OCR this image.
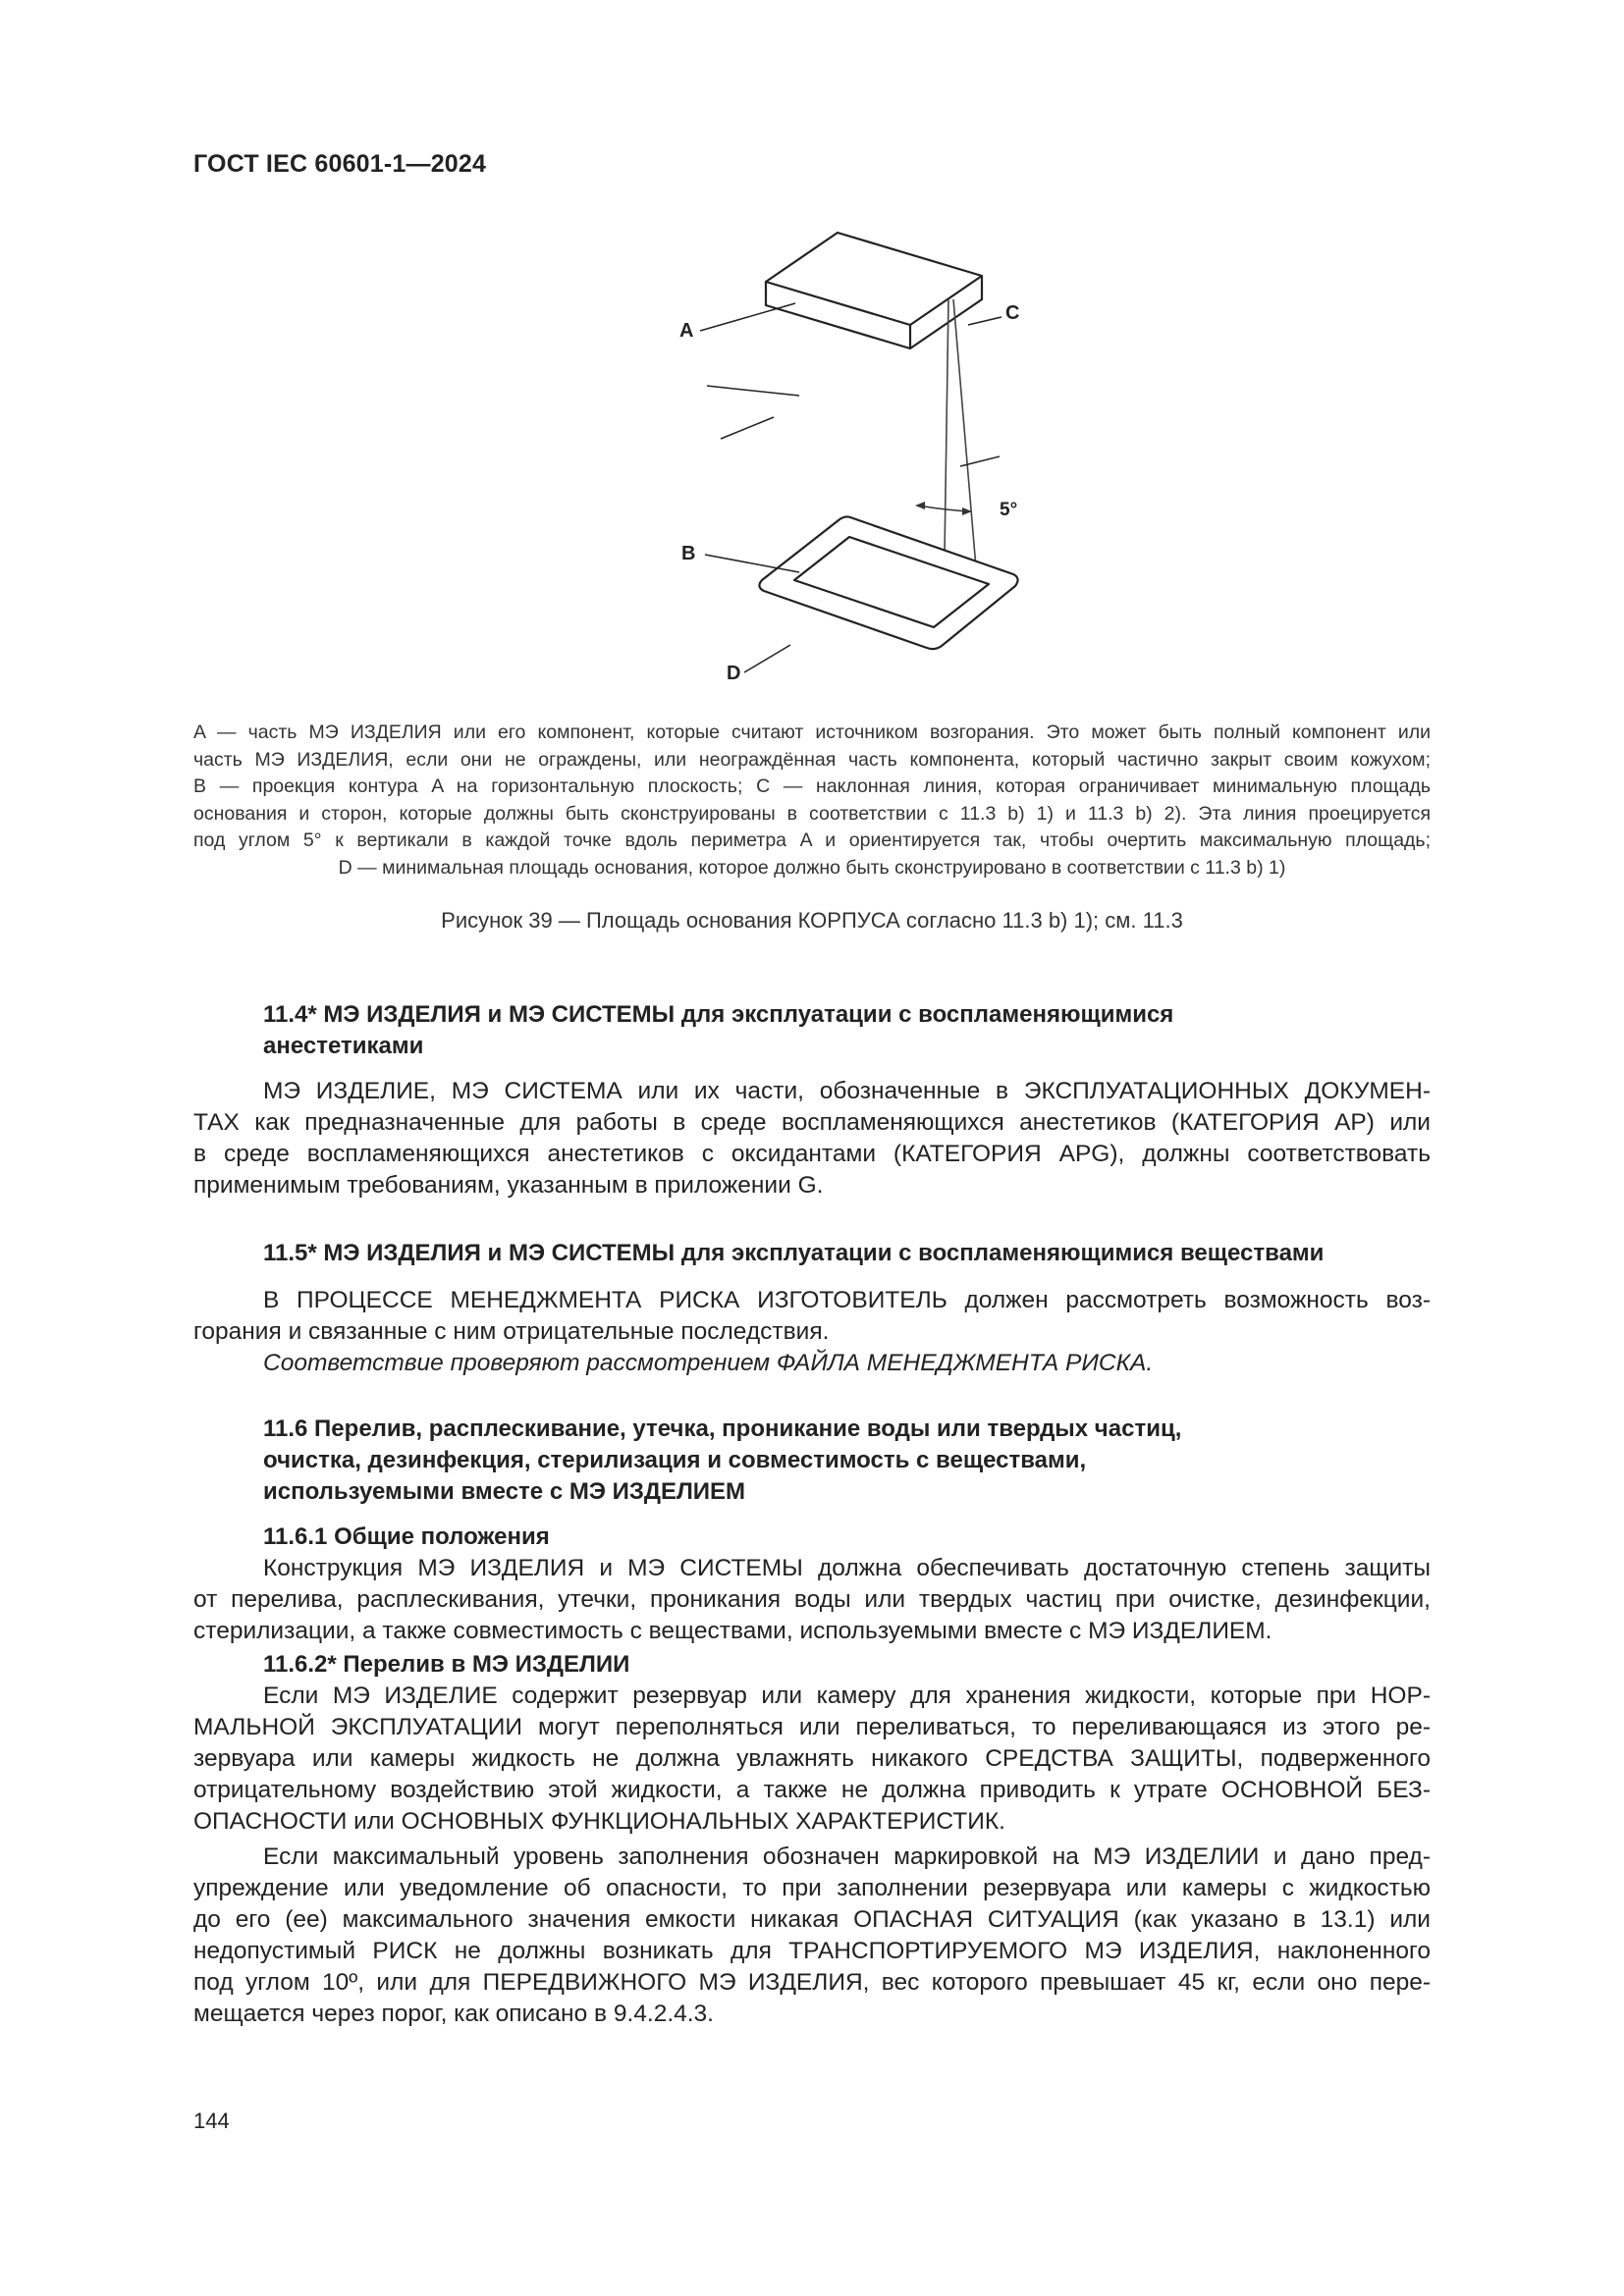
ГОСТ IEC 60601-1—2024
A
C
5°
B
D
A — часть МЭ ИЗДЕЛИЯ или его компонент, которые считают источником возгорания. Это может быть полный компонент или
часть МЭ ИЗДЕЛИЯ, если они не ограждены, или неограждённая часть компонента, который частично закрыт своим кожухом;
B — проекция контура A на горизонтальную плоскость; C — наклонная линия, которая ограничивает минимальную площадь
основания и сторон, которые должны быть сконструированы в соответствии с 11.3 b) 1) и 11.3 b) 2). Эта линия проецируется
под углом 5° к вертикали в каждой точке вдоль периметра A и ориентируется так, чтобы очертить максимальную площадь;
D — минимальная площадь основания, которое должно быть сконструировано в соответствии с 11.3 b) 1)
Рисунок 39 — Площадь основания КОРПУСА согласно 11.3 b) 1); см. 11.3
11.4* МЭ ИЗДЕЛИЯ и МЭ СИСТЕМЫ для эксплуатации с воспламеняющимися
анестетиками
МЭ ИЗДЕЛИЕ, МЭ СИСТЕМА или их части, обозначенные в ЭКСПЛУАТАЦИОННЫХ ДОКУМЕН-
ТАХ как предназначенные для работы в среде воспламеняющихся анестетиков (КАТЕГОРИЯ AP) или
в среде воспламеняющихся анестетиков с оксидантами (КАТЕГОРИЯ APG), должны соответствовать
применимым требованиям, указанным в приложении G.
11.5* МЭ ИЗДЕЛИЯ и МЭ СИСТЕМЫ для эксплуатации с воспламеняющимися веществами
В ПРОЦЕССЕ МЕНЕДЖМЕНТА РИСКА ИЗГОТОВИТЕЛЬ должен рассмотреть возможность воз-
горания и связанные с ним отрицательные последствия.
Соответствие проверяют рассмотрением ФАЙЛА МЕНЕДЖМЕНТА РИСКА.
11.6 Перелив, расплескивание, утечка, проникание воды или твердых частиц,
очистка, дезинфекция, стерилизация и совместимость с веществами,
используемыми вместе с МЭ ИЗДЕЛИЕМ
11.6.1 Общие положения
Конструкция МЭ ИЗДЕЛИЯ и МЭ СИСТЕМЫ должна обеспечивать достаточную степень защиты
от перелива, расплескивания, утечки, проникания воды или твердых частиц при очистке, дезинфекции,
стерилизации, а также совместимость с веществами, используемыми вместе с МЭ ИЗДЕЛИЕМ.
11.6.2* Перелив в МЭ ИЗДЕЛИИ
Если МЭ ИЗДЕЛИЕ содержит резервуар или камеру для хранения жидкости, которые при НОР-
МАЛЬНОЙ ЭКСПЛУАТАЦИИ могут переполняться или переливаться, то переливающаяся из этого ре-
зервуара или камеры жидкость не должна увлажнять никакого СРЕДСТВА ЗАЩИТЫ, подверженного
отрицательному воздействию этой жидкости, а также не должна приводить к утрате ОСНОВНОЙ БЕЗ-
ОПАСНОСТИ или ОСНОВНЫХ ФУНКЦИОНАЛЬНЫХ ХАРАКТЕРИСТИК.
Если максимальный уровень заполнения обозначен маркировкой на МЭ ИЗДЕЛИИ и дано пред-
упреждение или уведомление об опасности, то при заполнении резервуара или камеры с жидкостью
до его (ее) максимального значения емкости никакая ОПАСНАЯ СИТУАЦИЯ (как указано в 13.1) или
недопустимый РИСК не должны возникать для ТРАНСПОРТИРУЕМОГО МЭ ИЗДЕЛИЯ, наклоненного
под углом 10º, или для ПЕРЕДВИЖНОГО МЭ ИЗДЕЛИЯ, вес которого превышает 45 кг, если оно пере-
мещается через порог, как описано в 9.4.2.4.3.
144
